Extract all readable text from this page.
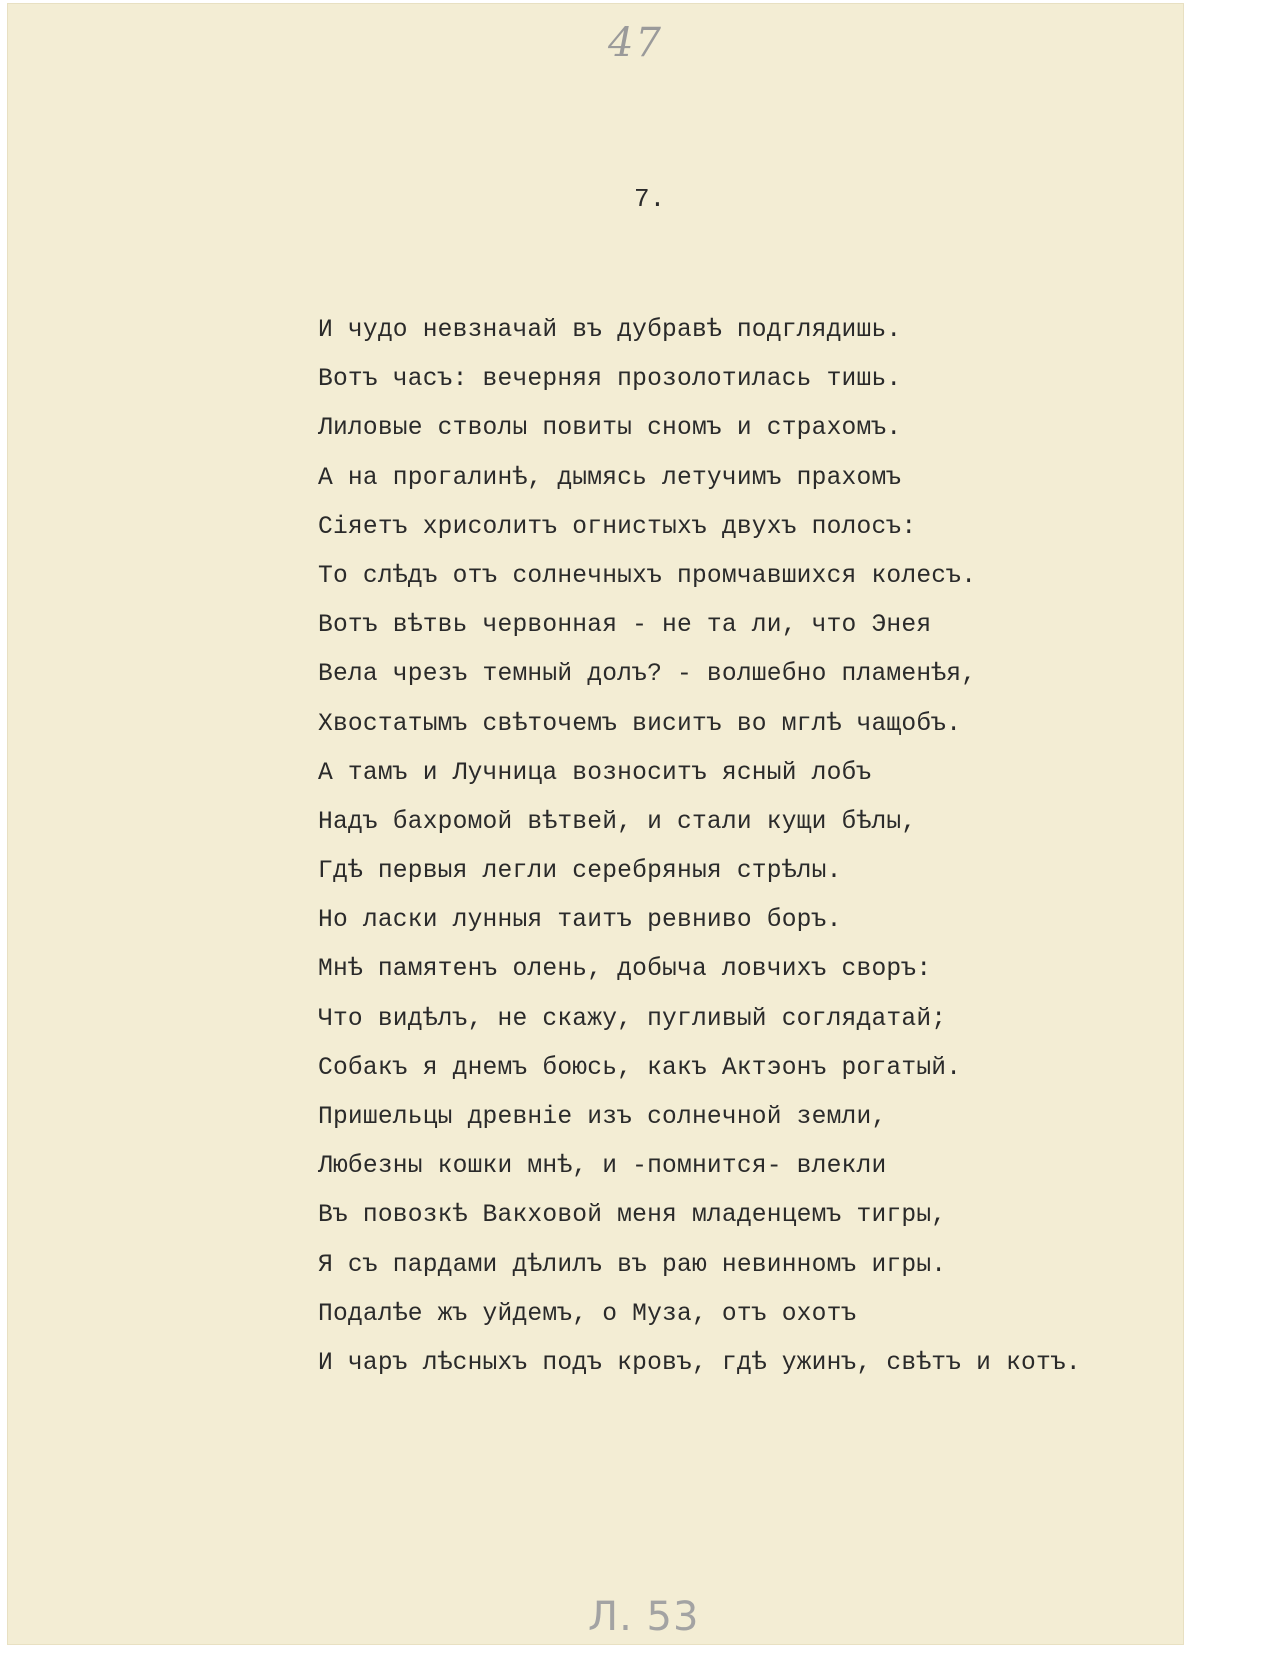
47
7.
И чудо невзначай въ дубравѣ подглядишь.
Вотъ часъ: вечерняя прозолотилась тишь.
Лиловые стволы повиты сномъ и страхомъ.
А на прогалинѣ, дымясь летучимъ прахомъ
Сіяетъ хрисолитъ огнистыхъ двухъ полосъ:
То слѣдъ отъ солнечныхъ промчавшихся колесъ.
Вотъ вѣтвь червонная - не та ли, что Энея
Вела чрезъ темный долъ? - волшебно пламенѣя,
Хвостатымъ свѣточемъ виситъ во мглѣ чащобъ.
А тамъ и Лучница возноситъ ясный лобъ
Надъ бахромой вѣтвей, и стали кущи бѣлы,
Гдѣ первыя легли серебряныя стрѣлы.
Но ласки лунныя таитъ ревниво боръ.
Мнѣ памятенъ олень, добыча ловчихъ своръ:
Что видѣлъ, не скажу, пугливый соглядатай;
Собакъ я днемъ боюсь, какъ Актэонъ рогатый.
Пришельцы древніе изъ солнечной земли,
Любезны кошки мнѣ, и -помнится- влекли
Въ повозкѣ Вакховой меня младенцемъ тигры,
Я съ пардами дѣлилъ въ раю невинномъ игры.
Подалѣе жъ уйдемъ, о Муза, отъ охотъ
И чаръ лѣсныхъ подъ кровъ, гдѣ ужинъ, свѣтъ и котъ.
Л. 53
